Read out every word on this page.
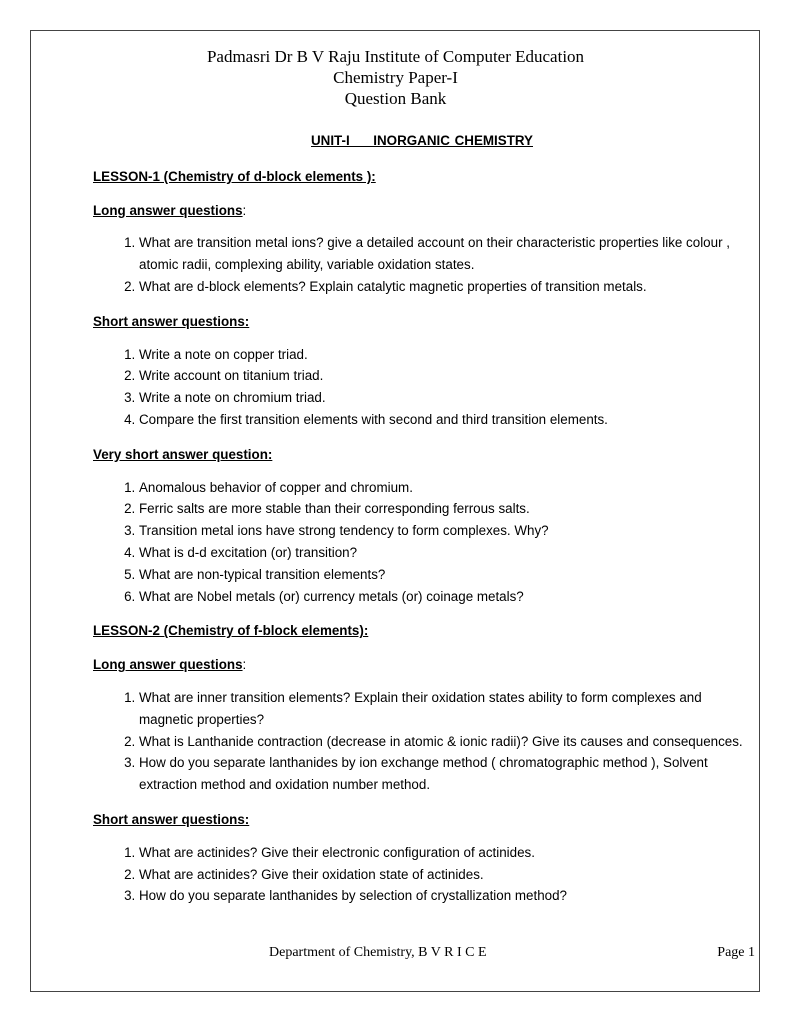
Padmasri Dr B V Raju Institute of Computer Education
Chemistry Paper-I
Question Bank
UNIT-I     INORGANIC CHEMISTRY
LESSON-1 (Chemistry of d-block elements ):
Long answer questions:
1. What are transition metal ions? give a detailed account on their characteristic properties like colour , atomic radii, complexing ability, variable oxidation states.
2. What are d-block elements? Explain catalytic magnetic properties of transition metals.
Short answer questions:
1. Write a note on copper triad.
2. Write account on titanium triad.
3. Write a note on chromium triad.
4. Compare the first transition elements with second and third transition elements.
Very short answer question:
1. Anomalous behavior of copper and chromium.
2. Ferric salts are more stable than their corresponding ferrous salts.
3. Transition metal ions have strong tendency to form complexes. Why?
4. What is d-d excitation (or) transition?
5. What are non-typical transition elements?
6. What are Nobel metals (or) currency metals (or) coinage metals?
LESSON-2 (Chemistry of f-block elements):
Long answer questions:
1. What are inner transition elements? Explain their oxidation states ability to form complexes and magnetic properties?
2. What is Lanthanide contraction (decrease in atomic & ionic radii)? Give its causes and consequences.
3. How do you separate lanthanides by ion exchange method ( chromatographic method ), Solvent extraction method and oxidation number method.
Short answer questions:
1. What are actinides? Give their electronic configuration of actinides.
2. What are actinides? Give their oxidation state of actinides.
3. How do you separate lanthanides by selection of crystallization method?
Department of Chemistry, B V R I C E	Page 1
